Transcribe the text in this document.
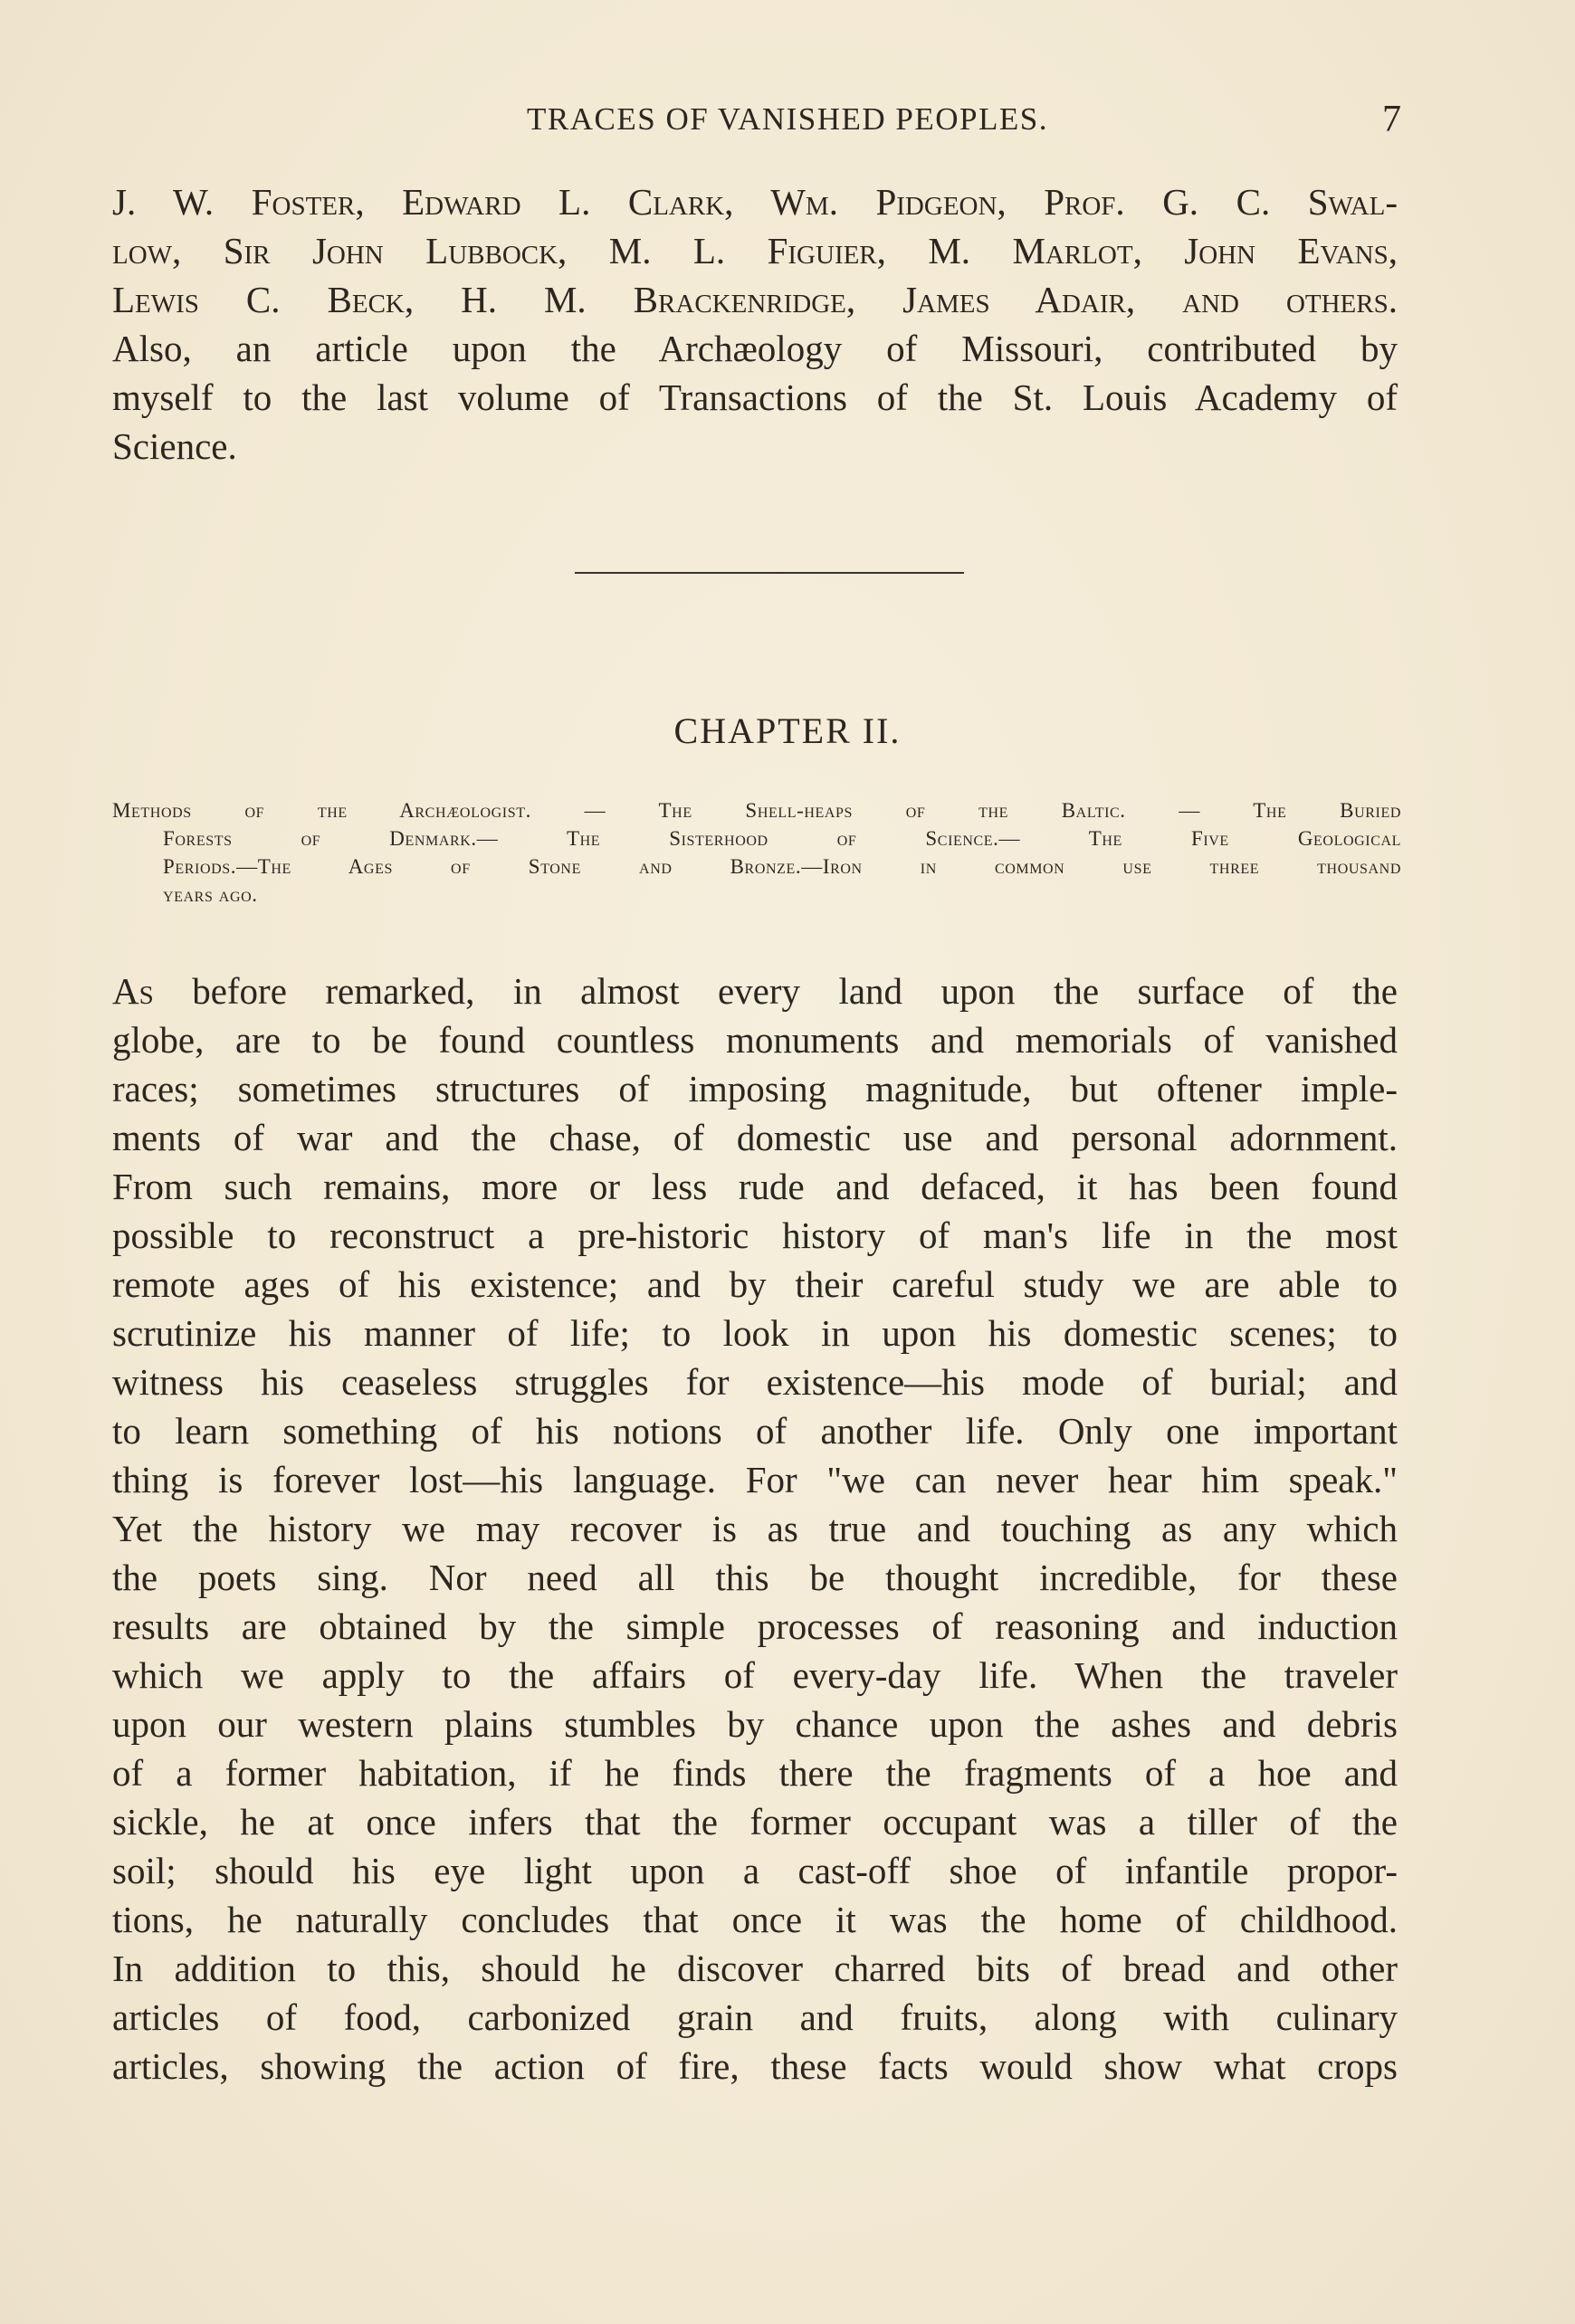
TRACES OF VANISHED PEOPLES.	7
J. W. Foster, Edward L. Clark, Wm. Pidgeon, Prof. G. C. Swal-
low, Sir John Lubbock, M. L. Figuier, M. Marlot, John Evans,
Lewis C. Beck, H. M. Brackenridge, James Adair, and others.
Also, an article upon the Archæology of Missouri, contributed by
myself to the last volume of Transactions of the St. Louis Academy of
Science.
CHAPTER II.
Methods of the Archæologist. — The Shell-heaps of the Baltic. — The Buried
Forests of Denmark.— The Sisterhood of Science.— The Five Geological
Periods.—The Ages of Stone and Bronze.—Iron in common use three thousand
years ago.
As before remarked, in almost every land upon the surface of the
globe, are to be found countless monuments and memorials of vanished
races; sometimes structures of imposing magnitude, but oftener imple-
ments of war and the chase, of domestic use and personal adornment.
From such remains, more or less rude and defaced, it has been found
possible to reconstruct a pre-historic history of man's life in the most
remote ages of his existence; and by their careful study we are able to
scrutinize his manner of life; to look in upon his domestic scenes; to
witness his ceaseless struggles for existence—his mode of burial; and
to learn something of his notions of another life. Only one important
thing is forever lost—his language. For "we can never hear him speak."
Yet the history we may recover is as true and touching as any which
the poets sing. Nor need all this be thought incredible, for these
results are obtained by the simple processes of reasoning and induction
which we apply to the affairs of every-day life. When the traveler
upon our western plains stumbles by chance upon the ashes and debris
of a former habitation, if he finds there the fragments of a hoe and
sickle, he at once infers that the former occupant was a tiller of the
soil; should his eye light upon a cast-off shoe of infantile propor-
tions, he naturally concludes that once it was the home of childhood.
In addition to this, should he discover charred bits of bread and other
articles of food, carbonized grain and fruits, along with culinary
articles, showing the action of fire, these facts would show what crops
